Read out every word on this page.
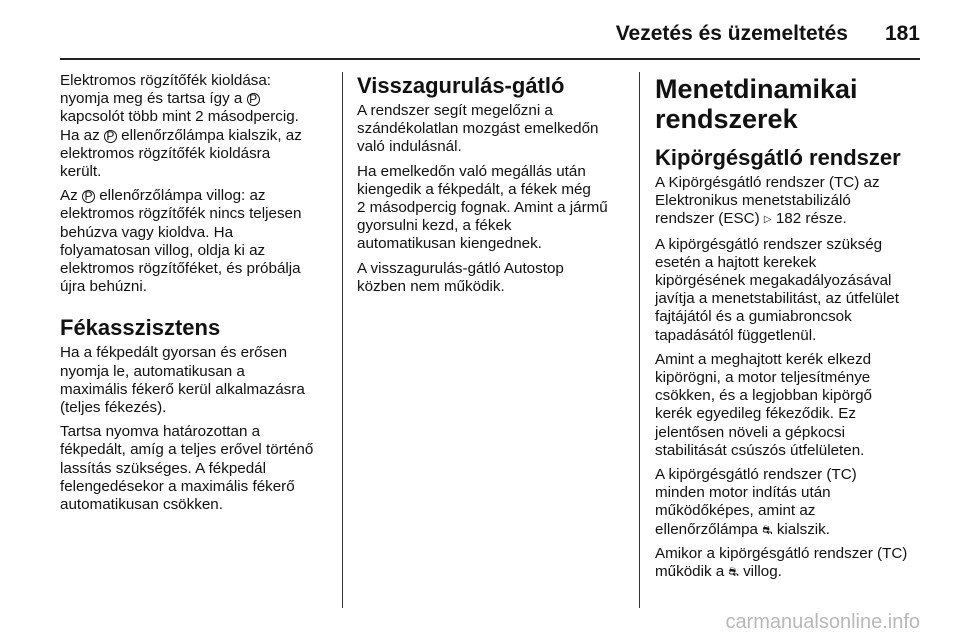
Vezetés és üzemeltetés 181

Elektromos rögzítőfék kioldása:
nyomja meg és tartsa így a P
kapcsolót több mint 2 másodpercig.
Ha az P ellenőrzőlámpa kialszik, az
elektromos rögzítőfék kioldásra
került.

Az P ellenőrzőlámpa villog: az
elektromos rögzítőfék nincs teljesen
behúzva vagy kioldva. Ha
folyamatosan villog, oldja ki az
elektromos rögzítőféket, és próbálja
újra behúzni.

Fékasszisztens

Ha a fékpedált gyorsan és erősen
nyomja le, automatikusan a
maximális fékerő kerül alkalmazásra
(teljes fékezés).

Tartsa nyomva határozottan a
fékpedált, amíg a teljes erővel történő
lassítás szükséges. A fékpedál
felengedésekor a maximális fékerő
automatikusan csökken.

Visszagurulás-gátló

A rendszer segít megelőzni a
szándékolatlan mozgást emelkedőn
való indulásnál.

Ha emelkedőn való megállás után
kiengedik a fékpedált, a fékek még
2 másodpercig fognak. Amint a jármű
gyorsulni kezd, a fékek
automatikusan kiengednek.

A visszagurulás-gátló Autostop
közben nem működik.

Menetdinamikai
rendszerek
Kipörgésgátló rendszer

A Kipörgésgátló rendszer (TC) az
Elektronikus menetstabilizáló
rendszer (ESC) ▷ 182 része.

A kipörgésgátló rendszer szükség
esetén a hajtott kerekek
kipörgésének megakadályozásával
javítja a menetstabilitást, az útfelület
fajtájától és a gumiabroncsok
tapadásától függetlenül.

Amint a meghajtott kerék elkezd
kipörögni, a motor teljesítménye
csökken, és a legjobban kipörgő
kerék egyedileg fékeződik. Ez
jelentősen növeli a gépkocsi
stabilitását csúszós útfelületen.

A kipörgésgátló rendszer (TC)
minden motor indítás után
működőképes, amint az
ellenőrzőlámpa ⛐ kialszik.

Amikor a kipörgésgátló rendszer (TC)
működik a ⛐ villog.

carmanualsonline.info
